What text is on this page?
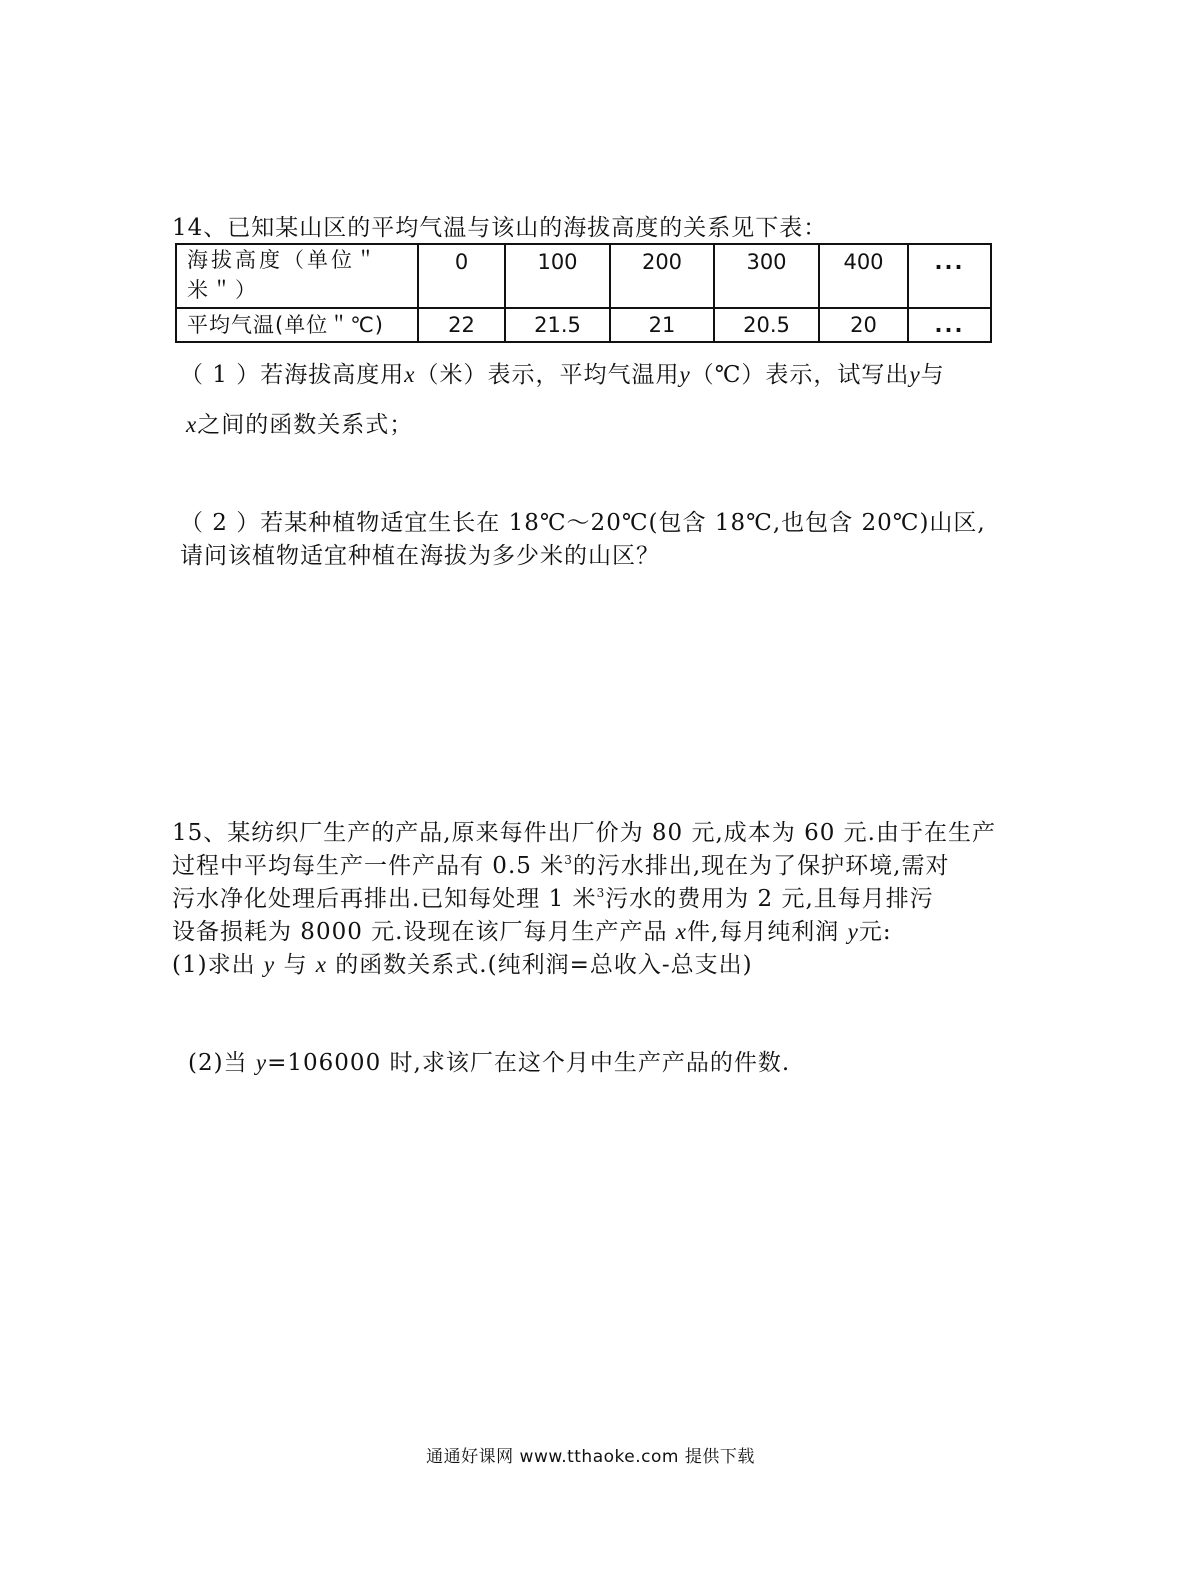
14、已知某山区的平均气温与该山的海拔高度的关系见下表：
海拔高度（单位＂
米＂）	0	100	200	300	400	...
平均气温(单位＂℃)	22	21.5	21	20.5	20	...
（ 1 ）若海拔高度用x（米）表示，平均气温用y（℃）表示，试写出y与
x之间的函数关系式；
（ 2 ）若某种植物适宜生长在 18℃～20℃(包含 18℃,也包含 20℃)山区,
请问该植物适宜种植在海拔为多少米的山区？
15、某纺织厂生产的产品,原来每件出厂价为 80 元,成本为 60 元.由于在生产
过程中平均每生产一件产品有 0.5 米$^3$的污水排出,现在为了保护环境,需对
污水净化处理后再排出.已知每处理 1 米$^3$污水的费用为 2 元,且每月排污
设备损耗为 8000 元.设现在该厂每月生产产品 x件,每月纯利润 y元:
(1)求出 y 与 x 的函数关系式.(纯利润=总收入-总支出)
(2)当 y=106000 时,求该厂在这个月中生产产品的件数.
通通好课网 www.tthaoke.com 提供下载
